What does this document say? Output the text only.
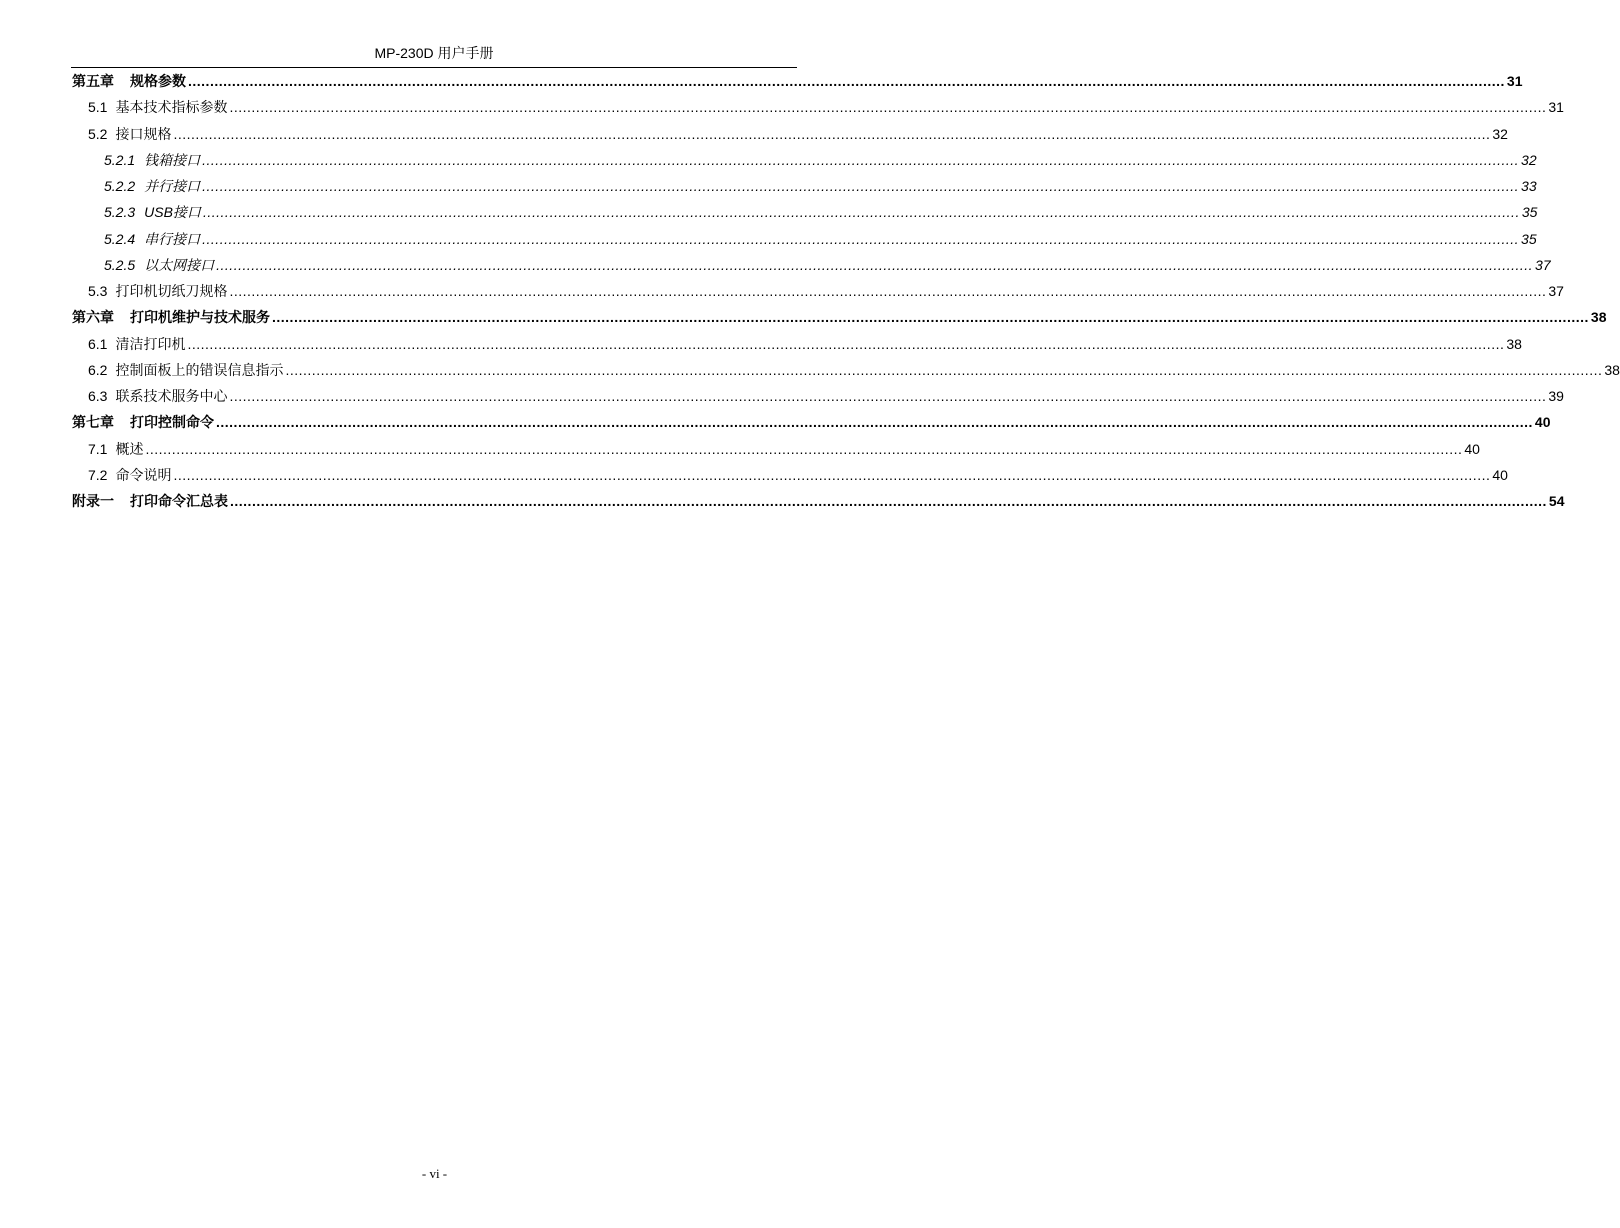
MP-230D 用户手册
第五章 规格参数 ............................................................................................................................................................................................................................................................................................................ 31
5.1 基本技术指标参数 ............................................................................................................................................................................................................................................................................................................ 31
5.2 接口规格 ............................................................................................................................................................................................................................................................................................................ 32
5.2.1 钱箱接口 ............................................................................................................................................................................................................................................................................................................ 32
5.2.2 并行接口 ............................................................................................................................................................................................................................................................................................................ 33
5.2.3 USB接口 ............................................................................................................................................................................................................................................................................................................ 35
5.2.4 串行接口 ............................................................................................................................................................................................................................................................................................................ 35
5.2.5 以太网接口 ............................................................................................................................................................................................................................................................................................................ 37
5.3 打印机切纸刀规格 ............................................................................................................................................................................................................................................................................................................ 37
第六章 打印机维护与技术服务 ............................................................................................................................................................................................................................................................................................................ 38
6.1 清洁打印机 ............................................................................................................................................................................................................................................................................................................ 38
6.2 控制面板上的错误信息指示 ............................................................................................................................................................................................................................................................................................................ 38
6.3 联系技术服务中心 ............................................................................................................................................................................................................................................................................................................ 39
第七章 打印控制命令 ............................................................................................................................................................................................................................................................................................................ 40
7.1 概述 ............................................................................................................................................................................................................................................................................................................ 40
7.2 命令说明 ............................................................................................................................................................................................................................................................................................................ 40
附录一 打印命令汇总表 ............................................................................................................................................................................................................................................................................................................ 54
- vi -
